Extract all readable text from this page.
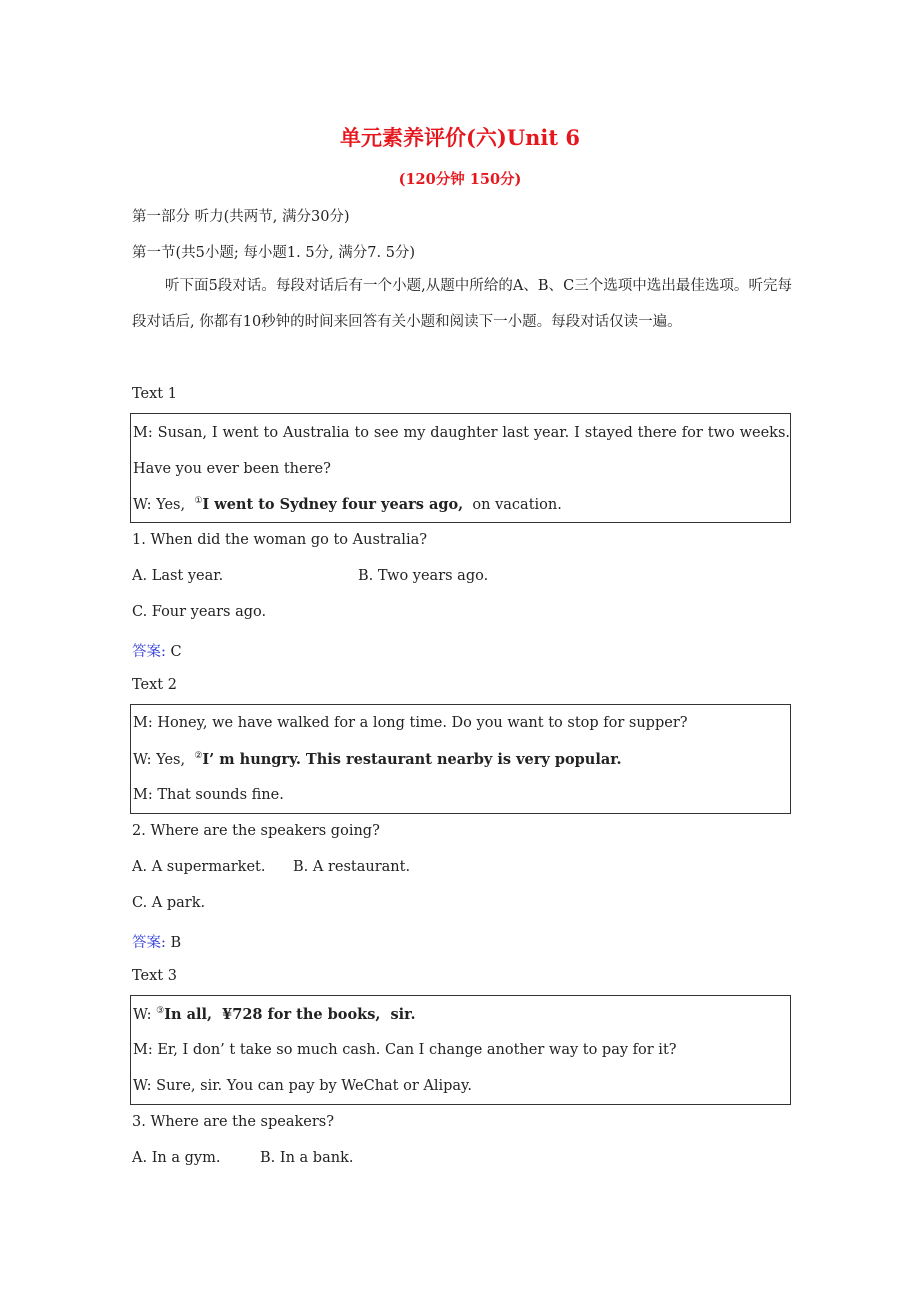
单元素养评价(六)Unit 6
(120分钟 150分)
第一部分 听力(共两节, 满分30分)
第一节(共5小题; 每小题1. 5分, 满分7. 5分)
听下面5段对话。每段对话后有一个小题,从题中所给的A、B、C三个选项中选出最佳选项。听完每段对话后, 你都有10秒钟的时间来回答有关小题和阅读下一小题。每段对话仅读一遍。
Text 1
M: Susan, I went to Australia to see my daughter last year. I stayed there for two weeks. Have you ever been there?
W: Yes,  ①I went to Sydney four years ago,  on vacation.
1. When did the woman go to Australia?
A. Last year.	B. Two years ago.
C. Four years ago.
答案: C
Text 2
M: Honey, we have walked for a long time. Do you want to stop for supper?
W: Yes,  ②I’ m hungry. This restaurant nearby is very popular.
M: That sounds fine.
2. Where are the speakers going?
A. A supermarket. B. A restaurant.
C. A park.
答案: B
Text 3
W: ③In all,  ¥728 for the books,  sir.
M: Er, I don’ t take so much cash. Can I change another way to pay for it?
W: Sure, sir. You can pay by WeChat or Alipay.
3. Where are the speakers?
A. In a gym.	B. In a bank.
